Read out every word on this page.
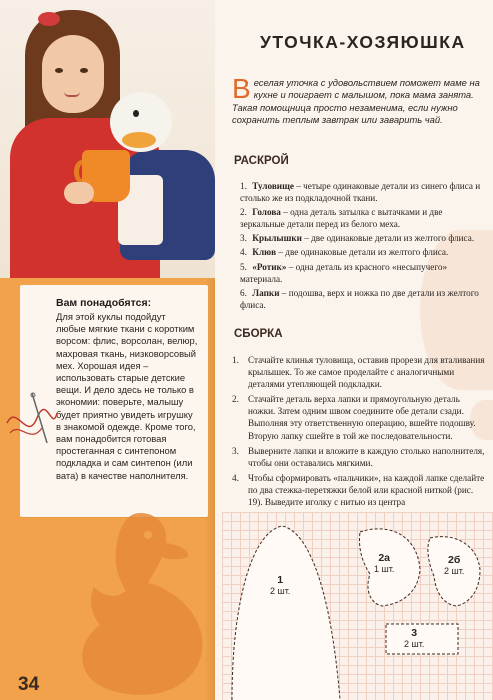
Вам понадобятся:
Для этой куклы подойдут любые мягкие ткани с коротким ворсом: флис, ворсолан, велюр, махровая ткань, низковорсовый мех. Хорошая идея – использовать старые детские вещи. И дело здесь не только в экономии: поверьте, малышу будет приятно увидеть игрушку в знакомой одежде. Кроме того, вам понадобится готовая простеганная с синтепоном подкладка и сам синтепон (или вата) в качестве наполнителя.
34
УТОЧКА-ХОЗЯЮШКА
Веселая уточка с удовольствием поможет маме на кухне и поиграет с малышом, пока мама занята. Такая помощница просто незаменима, если нужно сохранить теплым завтрак или заварить чай.
РАСКРОЙ
1. Туловище – четыре одинаковые детали из синего флиса и столько же из подкладочной ткани.
2. Голова – одна деталь затылка с вытачками и две зеркальные детали перед из белого меха.
3. Крылышки – две одинаковые детали из желтого флиса.
4. Клюв – две одинаковые детали из желтого флиса.
5. «Ротик» – одна деталь из красного «несыпучего» материала.
6. Лапки – подошва, верх и ножка по две детали из желтого флиса.
СБОРКА
1. Стачайте клинья туловища, оставив прорези для вталивания крылышек. То же самое проделайте с аналогичными деталями утепляющей подкладки.
2. Стачайте деталь верха лапки и прямоугольную деталь ножки. Затем одним швом соедините обе детали сзади. Выполняя эту ответственную операцию, вшейте подошву. Вторую лапку сшейте в той же последовательности.
3. Выверните лапки и вложите в каждую столько наполнителя, чтобы они оставались мягкими.
4. Чтобы сформировать «пальчики», на каждой лапке сделайте по два стежка-перетяжки белой или красной ниткой (рис. 19). Выведите иголку с нитью из центра
1
2 шт.
2а
1 шт.
2б
2 шт.
3
2 шт.
